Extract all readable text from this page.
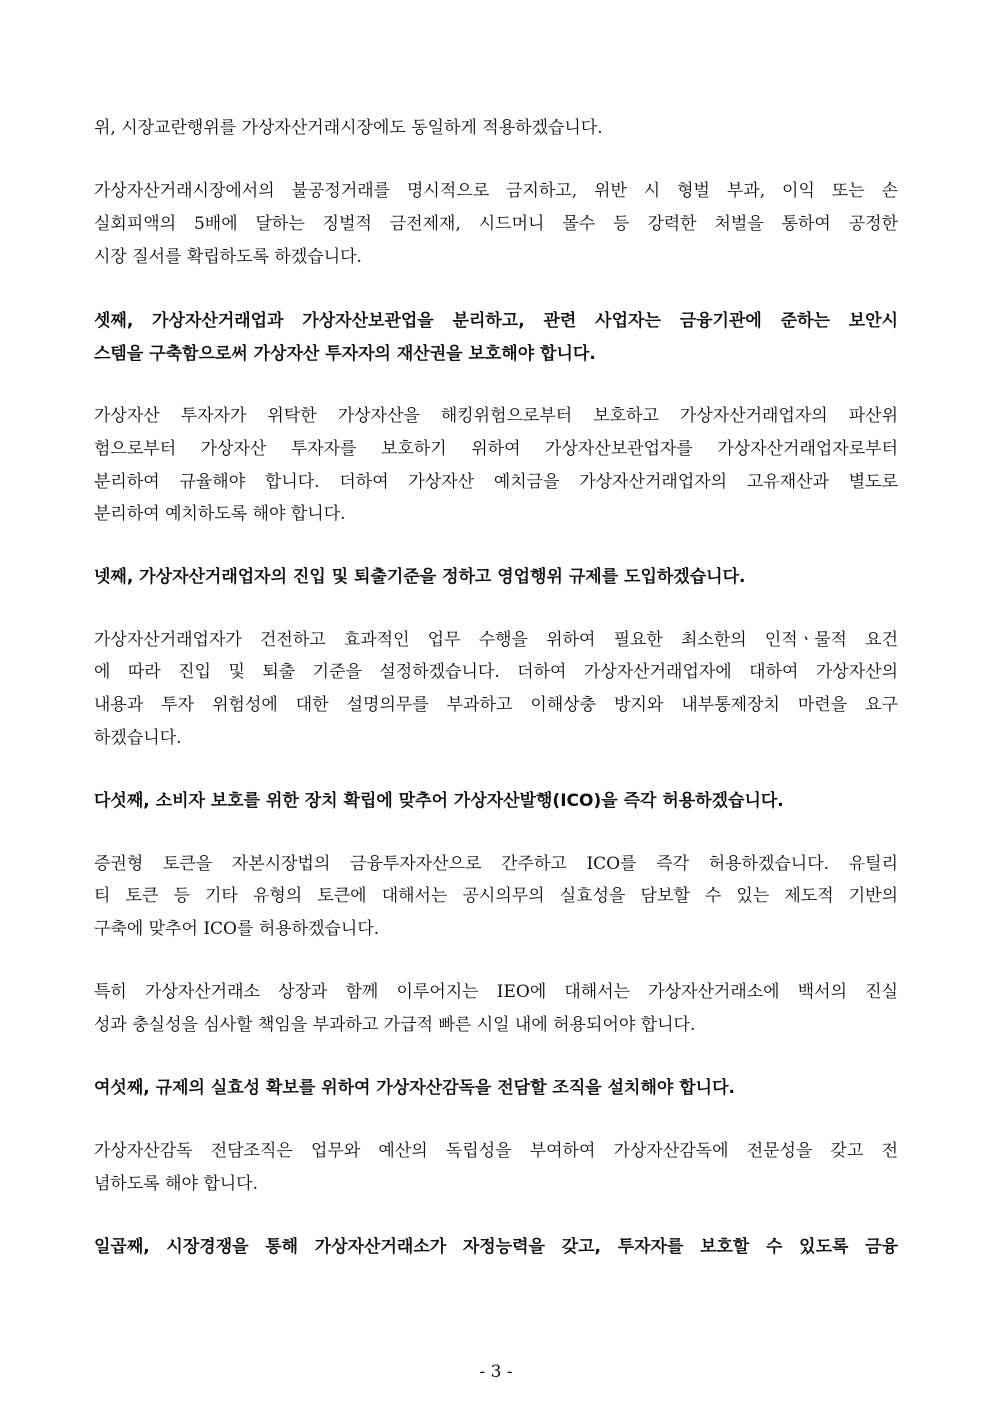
위, 시장교란행위를 가상자산거래시장에도 동일하게 적용하겠습니다.
가상자산거래시장에서의 불공정거래를 명시적으로 금지하고, 위반 시 형벌 부과, 이익 또는 손
실회피액의 5배에 달하는 징벌적 금전제재, 시드머니 몰수 등 강력한 처벌을 통하여 공정한
시장 질서를 확립하도록 하겠습니다.
셋째, 가상자산거래업과 가상자산보관업을 분리하고, 관련 사업자는 금융기관에 준하는 보안시
스템을 구축함으로써 가상자산 투자자의 재산권을 보호해야 합니다.
가상자산 투자자가 위탁한 가상자산을 해킹위험으로부터 보호하고 가상자산거래업자의 파산위
험으로부터 가상자산 투자자를 보호하기 위하여 가상자산보관업자를 가상자산거래업자로부터
분리하여 규율해야 합니다. 더하여 가상자산 예치금을 가상자산거래업자의 고유재산과 별도로
분리하여 예치하도록 해야 합니다.
넷째, 가상자산거래업자의 진입 및 퇴출기준을 정하고 영업행위 규제를 도입하겠습니다.
가상자산거래업자가 건전하고 효과적인 업무 수행을 위하여 필요한 최소한의 인적ㆍ물적 요건
에 따라 진입 및 퇴출 기준을 설정하겠습니다. 더하여 가상자산거래업자에 대하여 가상자산의
내용과 투자 위험성에 대한 설명의무를 부과하고 이해상충 방지와 내부통제장치 마련을 요구
하겠습니다.
다섯째, 소비자 보호를 위한 장치 확립에 맞추어 가상자산발행(ICO)을 즉각 허용하겠습니다.
증권형 토큰을 자본시장법의 금융투자자산으로 간주하고 ICO를 즉각 허용하겠습니다. 유틸리
티 토큰 등 기타 유형의 토큰에 대해서는 공시의무의 실효성을 담보할 수 있는 제도적 기반의
구축에 맞추어 ICO를 허용하겠습니다.
특히 가상자산거래소 상장과 함께 이루어지는 IEO에 대해서는 가상자산거래소에 백서의 진실
성과 충실성을 심사할 책임을 부과하고 가급적 빠른 시일 내에 허용되어야 합니다.
여섯째, 규제의 실효성 확보를 위하여 가상자산감독을 전담할 조직을 설치해야 합니다.
가상자산감독 전담조직은 업무와 예산의 독립성을 부여하여 가상자산감독에 전문성을 갖고 전
념하도록 해야 합니다.
일곱째, 시장경쟁을 통해 가상자산거래소가 자정능력을 갖고, 투자자를 보호할 수 있도록 금융
- 3 -
